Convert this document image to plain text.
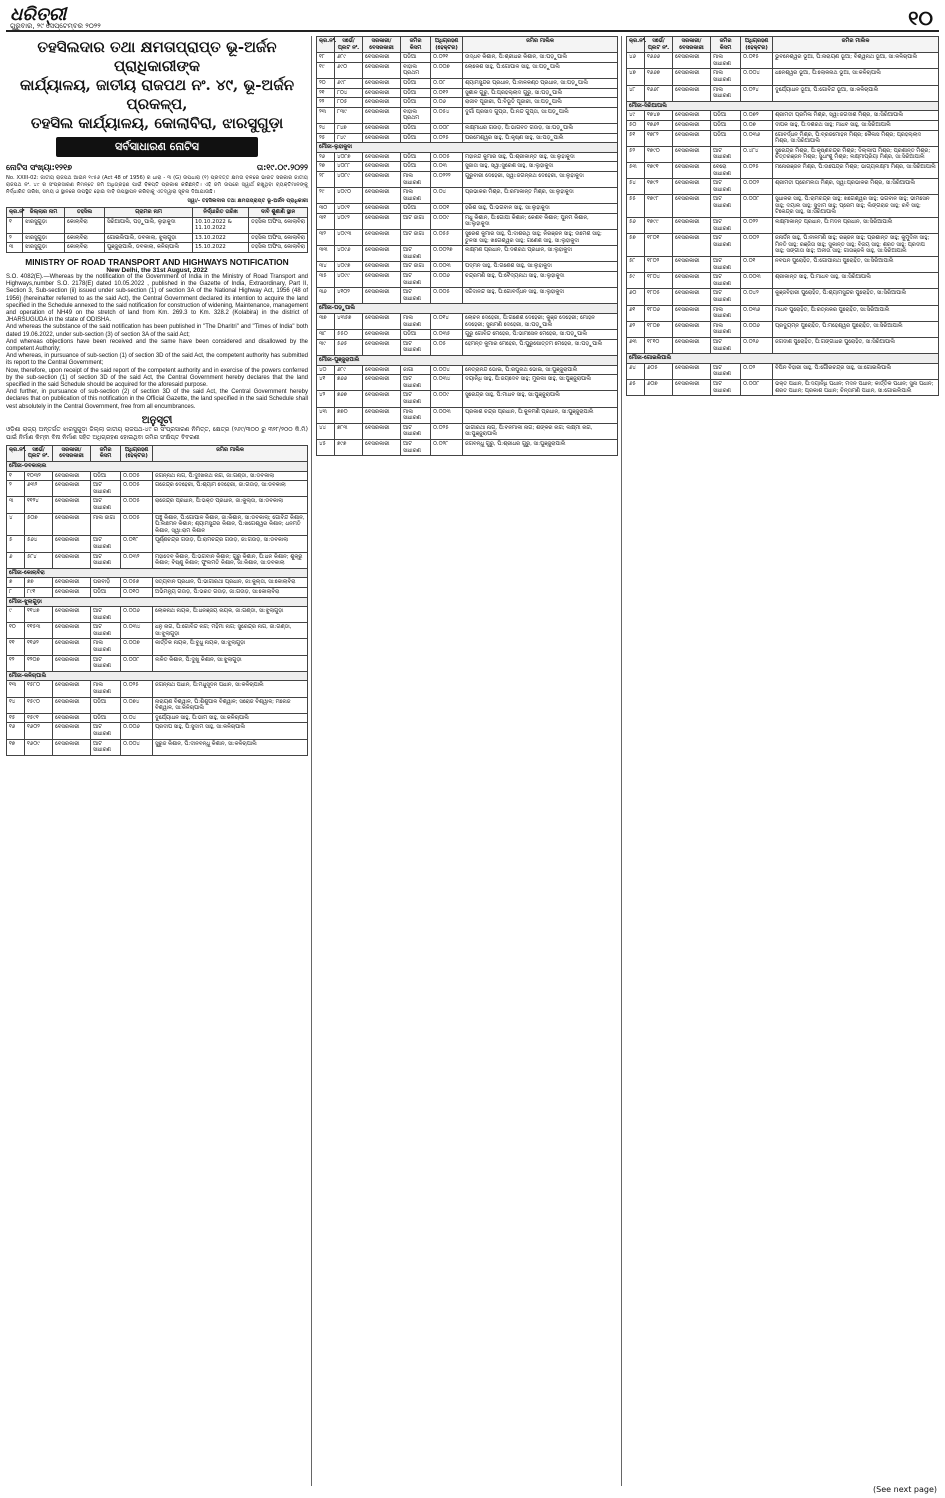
ଧରିତ୍ରୀ
ଗୁରୁବାର, ୨୯ ସେପ୍ଟେମ୍ବର ୨୦୨୨	୧୦
ତହସିଲଦାର ତଥା କ୍ଷମତାପ୍ରାପ୍ତ ଭୂ-ଅର୍ଜନ ପ୍ରାଧିକାରୀଙ୍କ
କାର୍ଯ୍ୟାଳୟ, ଜାତୀୟ ରାଜପଥ ନଂ. ୪୯, ଭୂ-ଅର୍ଜନ ପ୍ରକଳ୍ପ,
ତହସିଲ କାର୍ଯ୍ୟାଳୟ, କୋଲାବିରା, ଝାରସୁଗୁଡ଼ା
ସର୍ବସାଧାରଣ ନୋଟିସ
ନୋଟିସ ସଂଖ୍ୟା:୧୨୧୭	ତା:୧୯.୦୯.୨୦୨୨
No. XXIII-02: ଜାତୀୟ ରାଜପଥ ଆଇନ ୧୯୫୬ (Act 48 of 1956) ର ଧାରା - ୩ (G) ଉପଧାରା (୧) ପ୍ରଦତ୍ତ କ୍ଷମତା ବଳରେ ଭାରତ ସରକାର ଜାତୀୟ ରାଜପଥ ନଂ. ୪୯ ର ସଂପ୍ରସାରଣ ନିମନ୍ତେ ଜମି ଅଧିଗ୍ରହଣ ପାଇଁ ବିଜ୍ଞପ୍ତି ପ୍ରକାଶ କରିଛନ୍ତି। ଏହି ଜମି ଉପରେ ସ୍ୱାର୍ଥ ରଖୁଥିବା ବ୍ୟକ୍ତିମାନଙ୍କୁ ନିର୍ଦ୍ଧାରିତ ତାରିଖ, ସମୟ ଓ ସ୍ଥାନରେ ଉପସ୍ଥିତ ହୋଇ ଦାବି ଉପସ୍ଥାପନ କରିବାକୁ ଏତଦ୍ୱାରା ସୂଚନା ଦିଆଯାଉଛି।
ସ୍ୱା/- ତହସିଲଦାର ତଥା କ୍ଷମତାପ୍ରାପ୍ତ ଭୂ-ଅର୍ଜନ ପ୍ରାଧିକାରୀ
କ୍ର.ନଂ	ଜିଲ୍ଲାର ନାମ	ତହସିଲ	ଗ୍ରାମର ନାମ	ନିର୍ଦ୍ଧାରିତ ତାରିଖ	ଦାବି ଶୁଣାଣି ସ୍ଥାନ
୧	ଝାରସୁଗୁଡ଼ା	କୋଲାବିରା	ସିରିଆପାଲି, ପଡ଼ୁପାଲି, ଲୁହାକୁଦା	10.10.2022 & 11.10.2022	ତହସିଲ ଅଫିସ, କୋଲାବିରା
୨	ଝାରସୁଗୁଡ଼ା	କୋଲାବିରା	ଗୋଇଲିପାଲି, ଡବକାଲା, ଝୁଲାଗୁଡ଼ା	13.10.2022	ତହସିଲ ଅଫିସ, କୋଲାବିରା
୩	ଝାରସୁଗୁଡ଼ା	କୋଲାବିରା	ପୁଞ୍ଜୁରାପାଲି, ଡବକାଲା, କଳିଚାପାଲି	15.10.2022	ତହସିଲ ଅଫିସ, କୋଲାବିରା
MINISTRY OF ROAD TRANSPORT AND HIGHWAYS NOTIFICATION
New Delhi, the 31st August, 2022
S.O. 4082(E).—Whereas by the notification of the Government of India in the Ministry of Road Transport and Highways,number S.O. 2178(E) dated 10.05.2022 , published in the Gazette of India, Extraordinary, Part II, Section 3, Sub-section (ii) issued under sub-section (1) of section 3A of the National Highway Act, 1956 (48 of 1956) (hereinafter referred to as the said Act), the Central Government declared its intention to acquire the land specified in the Schedule annexed to the said notification for construction of widening, Maintenance, management and operation of NH49 on the stretch of land from Km. 269.3 to Km. 328.2 (Kolabira) in the district of JHARSUGUDA in the state of ODISHA.
And whereas the substance of the said notification has been published in "The Dharitri" and "Times of India" both dated 19.06.2022, under sub-section (3) of section 3A of the said Act;
And whereas objections have been received and the same have been considered and disallowed by the competent Authority;
And whereas, in pursuance of sub-section (1) of section 3D of the said Act, the competent authority has submitted its report to the Central Government;
Now, therefore, upon receipt of the said report of the competent authority and in exercise of the powers conferred by the sub-section (1) of section 3D of the said Act, the Central Government hereby declares that the land specified in the said Schedule should be acquired for the aforesaid purpose.
And further, in pursuance of sub-section (2) of section 3D of the said Act, the Central Government hereby declares that on publication of this notification in the Official Gazette, the land specified in the said Schedule shall vest absolutely in the Central Government, free from all encumbrances.
ଅନୁସୂଚୀ
ଓଡ଼ିଶା ରାଜ୍ୟ ଅନ୍ତର୍ଗତ ଝାରସୁଗୁଡ଼ା ଜିଲ୍ଲା ଜାତୀୟ ରାଜପଥ-୪୯ ର ସଂପ୍ରସାରଣ ନିମିତ୍ତ, କ୍ଷେତ୍ର (୨୬୯/୩୦୦ ରୁ ୩୨୮/୨୦୦ କି.ମି) ପାଇଁ ନିର୍ମାଣ କିମ୍ବା ବିନା ନିର୍ମାଣ ସହିତ ଅଧିଗ୍ରହଣ ହୋଇଥିବା ଜମିର ସଂକ୍ଷିପ୍ତ ବିବରଣୀ
କ୍ର.ନଂ.	ସର୍ଭେ/ ପ୍ଲଟ ନଂ.	ସରକାରୀ/ ବେସରକାରୀ	ଜମିର କିସମ	ଅଧିଗ୍ରହଣ (ହେକ୍ଟର)	ଜମିର ମାଲିକ
ମୌଜା-ଡବକାଲାଲ					
୧	୧୦୩୨	ବେସରକାରୀ	ପଡିଆ	୦.୦୦୫	ଜଗନ୍ନାଥ ନାଗ, ପି:ଦୁଃଖନାଥ ନାଗ, ଜା:ଗଣ୍ଡା, ସା:ଡବକାଲା
୨	୬୩୨	ବେସରକାରୀ	ଆଟ ସାଧାରଣ	୦.୦୦୫	ଗଜେନ୍ଦ୍ର ଦେହେରୀ, ପି:ଶ୍ୟାମ ଦେହେରୀ, ଜା:ଗଉଡ଼, ସା:ଡବକାଲା
୩	୧୧୨୪	ବେସରକାରୀ	ଆଟ ସାଧାରଣ	୦.୦୦୫	ରାଜେନ୍ଦ୍ର ପ୍ରଧାନ, ପି:ଭକ୍ତ ପ୍ରଧାନ, ଜା:କୁଲ୍ତା, ସା:ଡବକାଲା
୪	୫୦୭	ବେସରକାରୀ	ମାଲ ଜାଗା	୦.୦୦୫	ପଞ୍ଚୁ କିଶାନ, ପି:ଗୋପାଳ କିଶାନ, ଜା:କିଶାନ, ସା:ଡବକାଲା; ଗୋବିନ୍ଦ କିଶାନ, ପି:ଲଛମନ କିଶାନ; ଶ୍ୟାମସୁନ୍ଦର କିଶାନ, ପି:ଖଗେଶ୍ୱର କିଶାନ; ଧନମତି କିଶାନ, ସ୍ୱା:ରାମ କିଶାନ
୫	୫୬୪	ବେସରକାରୀ	ଆଟ ସାଧାରଣ	୦.୦୧୮	ପୂର୍ଣ୍ଣଚନ୍ଦ୍ର ଗଉଡ଼, ପି:ରାମଚନ୍ଦ୍ର ଗଉଡ଼, ଜା:ଗଉଡ଼, ସା:ଡବକାଲା
୬	୫୮୪	ବେସରକାରୀ	ଆଟ ସାଧାରଣ	୦.୦୩୨	ମହାଦେବ କିଶାନ, ପି:ଭଗବାନ କିଶାନ; ଗୁରୁ କିଶାନ, ପି:ଧନ କିଶାନ; ଶୁକ୍ରୁ କିଶାନ; ବିଷ୍ଣୁ କିଶାନ; ଫୁଲମତି କିଶାନ, ଜା:କିଶାନ, ସା:ଡବକାଲା
ମୌଜା-କୋଲାବିରା					
୭	୭୭	ବେସରକାରୀ	ଘରବାଡ଼ି	୦.୦୫୭	ସତ୍ୟବାନ ପ୍ରଧାନ, ପି:ଭାଗୀରଥୀ ପ୍ରଧାନ, ଜା:କୁଲ୍ତା, ସା:କୋଲାବିରା
୮	୮୯୧	ବେସରକାରୀ	ପଡିଆ	୦.୦୧୦	ଅଭିମନ୍ୟୁ ଗଉଡ଼, ପି:ଭରତ ଗଉଡ଼, ଜା:ଗଉଡ଼, ସା:କୋଲାବିରା
ମୌଜା-ଝୁଲାଗୁଡ଼ା					
୯	୧୧୪୭	ବେସରକାରୀ	ଆଟ ସାଧାରଣ	୦.୦୦୬	ଲୋକନାଥ ନାୟକ, ପି:ଧନଞ୍ଜୟ ନାୟକ, ଜା:ଗଣ୍ଡା, ସା:ଝୁଲାଗୁଡ଼ା
୧୦	୧୧୫୩	ବେସରକାରୀ	ଆଟ ସାଧାରଣ	୦.୦୩୪	ଧନୁ ନାଗ, ପି:ଗୋବିନ୍ଦ ନାଗ; ମହିମା ନାଗ; ସୁରେନ୍ଦ୍ର ନାଗ, ଜା:ଗଣ୍ଡା, ସା:ଝୁଲାଗୁଡ଼ା
୧୧	୧୧୬୨	ବେସରକାରୀ	ମାଲ ସାଧାରଣ	୦.୦୦୭	କାର୍ତ୍ତିକ ନାୟକ, ପି:ବୁଧୁ ନାୟକ, ସା:ଝୁଲାଗୁଡ଼ା
୧୨	୧୨୦୭	ବେସରକାରୀ	ଆଟ ସାଧାରଣ	୦.୦୦୮	ଲଳିତ କିଶାନ, ପି:ଦୁଖୁ କିଶାନ, ସା:ଝୁଲାଗୁଡ଼ା
ମୌଜା-କଳିଚାପାଲି					
୧୩	୧୫୮୦	ବେସରକାରୀ	ମାଲ ସାଧାରଣ	୦.୦୨୫	ଜଗନ୍ନାଥ ପଧାନ, ପି:ମଧୁସୂଦନ ପଧାନ, ସା:କଳିଚାପାଲି
୧୪	୧୫୯୦	ବେସରକାରୀ	ପଡିଆ	୦.୦୭୪	ନାରାୟଣ ବିଶ୍ୱାଳ, ପି:ଶିଶୁପାଳ ବିଶ୍ୱାଳ; ସରୋଜ ବିଶ୍ୱାଳ; ମନୋଜ ବିଶ୍ୱାଳ, ସା:କଳିଚାପାଲି
୧୫	୧୫୯୧	ବେସରକାରୀ	ପଡିଆ	୦.୦୪	ଦୁର୍ଯ୍ୟୋଧନ ସାହୁ, ପି:ଭୀମ ସାହୁ, ସା:କଳିଚାପାଲି
୧୬	୧୬୦୨	ବେସରକାରୀ	ଆଟ ସାଧାରଣ	୦.୦୦୬	ପ୍ରଦୀପ ସାହୁ, ପି:ସୁଦାମ ସାହୁ, ସା:କଳିଚାପାଲି
୧୭	୧୬୦୯	ବେସରକାରୀ	ଆଟ ସାଧାରଣ	୦.୦୦୪	ସୁରୁଜ କିଶାନ, ପି:ଦୀନବନ୍ଧୁ କିଶାନ, ସା:କଳିଚାପାଲି
କ୍ର.ନଂ.	ସର୍ଭେ/ ପ୍ଲଟ ନଂ.	ସରକାରୀ/ ବେସରକାରୀ	ଜମିର କିସମ	ଅଧିଗ୍ରହଣ (ହେକ୍ଟର)	ଜମିର ମାଲିକ
୧୮	୬୮୯	ବେସରକାରୀ	ପଡିଆ	୦.୦୨୧	ଉଦ୍ଧବ କିଶାନ, ପି:ଶ୍ରୀଧର କିଶାନ, ସା:ପଡ଼ୁପାଲି
୧୯	୬୯୦	ବେସରକାରୀ	ବାହାଲ ପ୍ରଥମ	୦.୦୦୭	ଲୋକେଶ ସାହୁ, ପି:ଗୋପାଳ ସାହୁ, ସା:ପଡ଼ୁପାଲି
୨୦	୬୯୮	ବେସରକାରୀ	ପଡିଆ	୦.୦୮	ଶ୍ୟାମସୁନ୍ଦର ପ୍ରଧାନ, ପି:ନୀଳକଣ୍ଠ ପ୍ରଧାନ, ସା:ପଡ଼ୁପାଲି
୨୧	୮୦୪	ବେସରକାରୀ	ପଡିଆ	୦.୦୧୨	ସୁଶୀଳ ଗୁରୁ, ପି:ପ୍ରହଲ୍ଲାଦ ଗୁରୁ, ସା:ପଡ଼ୁପାଲି
୨୨	୮୦୫	ବେସରକାରୀ	ପଡିଆ	୦.୦୬	ରାଜୀବ ପୂଜାରୀ, ପି:ବିଭୂତି ପୂଜାରୀ, ସା:ପଡ଼ୁପାଲି
୨୩	୮୩୯	ବେସରକାରୀ	ବାହାଲ ପ୍ରଥମ	୦.୦୫୪	ଦୁର୍ଗା ପ୍ରସାଦ ଗୁପ୍ତା, ପି:ନନ୍ଦ ଗୁପ୍ତା, ସା:ପଡ଼ୁପାଲି
୨୪	୮୪୭	ବେସରକାରୀ	ପଡିଆ	୦.୦୦୮	ଲକ୍ଷ୍ମୀଧର ଗଉଡ଼, ପି:ଭାଗବତ ଗଉଡ଼, ସା:ପଡ଼ୁପାଲି
୨୫	୮୪୯	ବେସରକାରୀ	ପଡିଆ	୦.୦୨୫	ପରମେଶ୍ୱର ସାହୁ, ପି:କୃଷ୍ଣ ସାହୁ, ସା:ପଡ଼ୁପାଲି
ମୌଜା-ଲୁହାକୁଦା					
୨୬	୪୦୮୭	ବେସରକାରୀ	ପଡିଆ	୦.୦୦୫	ମହାନନ୍ଦ କୁମାର ସାହୁ, ପି:ଶ୍ରୀକାନ୍ତ ସାହୁ, ସା:ଲୁହାକୁଦା
୨୭	୪୦୮୮	ବେସରକାରୀ	ପଡିଆ	୦.୦୩	ସୁଜାତା ସାହୁ, ସ୍ୱା:ସୁରେଶ ସାହୁ, ସା:ଲୁହାକୁଦା
୨୮	୪୦୮୯	ବେସରକାରୀ	ମାଲ ସାଧାରଣ	୦.୦୨୨୨	ଗୁରୁବାରୀ ଦେହେରୀ, ସ୍ୱା:ଜଗନ୍ନାଥ ଦେହେରୀ, ସା:ଲୁହାକୁଦା
୨୯	୪୦୯୦	ବେସରକାରୀ	ମାଲ ସାଧାରଣ	୦.୦୪	ପ୍ରଭାକର ମିଶ୍ର, ପି:ରମାକାନ୍ତ ମିଶ୍ର, ସା:ଲୁହାକୁଦା
୩୦	୪୦୯୧	ବେସରକାରୀ	ପଡିଆ	୦.୦୦୧	ହରିଶ ସାହୁ, ପି:ଭଗବାନ ସାହୁ, ସା:ଲୁହାକୁଦା
୩୧	୪୦୯୨	ବେସରକାରୀ	ଆଟ ଜାଗା	୦.୦୦୯	ମଧୁ କିଶାନ, ପି:ଗୋପୀ କିଶାନ; କେଶବ କିଶାନ; ପୁନମ କିଶାନ, ସା:ଲୁହାକୁଦା
୩୨	୪୦୯୩	ବେସରକାରୀ	ଆଟ ଜାଗା	୦.୦୫୫	ସୁରେଶ କୁମାର ସାହୁ, ପି:ଦାଶରଥି ସାହୁ; ନିରଞ୍ଜନ ସାହୁ; ଉମେଶ ସାହୁ; ତୁଳସୀ ସାହୁ; ଖଗେଶ୍ୱର ସାହୁ; ଗଣେଶ ସାହୁ, ସା:ଲୁହାକୁଦା
୩୩	୪୦୯୬	ବେସରକାରୀ	ଆଟ ସାଧାରଣ	୦.୦୦୨୭	ଲକ୍ଷ୍ମଣ ପ୍ରଧାନ, ପି:ଦଶରଥ ପ୍ରଧାନ, ସା:ଲୁହାକୁଦା
୩୪	୪୦୯୭	ବେସରକାରୀ	ଆଟ ଜାଗା	୦.୦୦୩	ପଦ୍ମନ ସାହୁ, ପି:ଗଣେଶ ସାହୁ, ସା:ଲୁହାକୁଦା
୩୫	୪୦୯୯	ବେସରକାରୀ	ଆଟ ସାଧାରଣ	୦.୦୦୬	ଚନ୍ଦ୍ରମଣି ସାହୁ, ପି:ବୈଦ୍ୟନାଥ ସାହୁ, ସା:ଲୁହାକୁଦା
୩୬	୪୧୦୨	ବେସରକାରୀ	ଆଟ ସାଧାରଣ	୦.୦୦୫	ସଚ୍ଚିଦାନନ୍ଦ ସାହୁ, ପି:ଗୋବର୍ଦ୍ଧନ ସାହୁ, ସା:ଲୁହାକୁଦା
ମୌଜା-ପଡ଼ୁପାଲି					
୩୭	୪୩୫୭	ବେସରକାରୀ	ମାଲ ସାଧାରଣ	୦.୦୧୪	ଲୋଚନ ଦେହେରୀ, ପି:ଗଣେଶ ଦେହେରୀ; କୁଞ୍ଜ ଦେହେରୀ; ମୋହନ ଦେହେରୀ; ସୁନାମଣି ଦେହେରୀ, ସା:ପଡ଼ୁପାଲି
୩୮	୫୫୦	ବେସରକାରୀ	ପଡିଆ	୦.୦୩୫	ଗୁରୁ ଗୋବିନ୍ଦ ମେହେର, ପି:ଭୀମସେନ ମେହେର, ସା:ପଡ଼ୁପାଲି
୩୯	୫୬୫	ବେସରକାରୀ	ଆଟ ସାଧାରଣ	୦.୦୫	ହେମନ୍ତ କୁମାର ମେହେର, ପି:ପୁରୁଷୋତ୍ତମ ମେହେର, ସା:ପଡ଼ୁପାଲି
ମୌଜା-ପୁଞ୍ଜୁରାପାଲି					
୪୦	୬୮୯	ବେସରକାରୀ	ଜାଗା	୦.୦୦୪	ନେତ୍ରାନନ୍ଦ ଭୋଇ, ପି:ରଘୁନାଥ ଭୋଇ, ସା:ପୁଞ୍ଜୁରାପାଲି
୪୧	୭୬୬	ବେସରକାରୀ	ଆଟ ସାଧାରଣ	୦.୦୩୪	ଦୟାନିଧି ସାହୁ, ପି:ଜୟଦେବ ସାହୁ; ମୁରଲୀ ସାହୁ, ସା:ପୁଞ୍ଜୁରାପାଲି
୪୨	୭୬୭	ବେସରକାରୀ	ଆଟ ସାଧାରଣ	୦.୦୦୯	ସୁରେନ୍ଦ୍ର ସାହୁ, ପି:ମାଧବ ସାହୁ, ସା:ପୁଞ୍ଜୁରାପାଲି
୪୩	୭୭୦	ବେସରକାରୀ	ମାଲ ସାଧାରଣ	୦.୦୦୩	ପ୍ରକାଶ ଚନ୍ଦ୍ର ପ୍ରଧାନ, ପି:କୁଳମଣି ପ୍ରଧାନ, ସା:ପୁଞ୍ଜୁରାପାଲି
୪୪	୭୮୩	ବେସରକାରୀ	ଆଟ ସାଧାରଣ	୦.୦୨୫	ଭାଗୀରଥୀ ନାଗ, ପି:ବନମାଳୀ ନାଗ; ଶଙ୍କର ନାଗ; ଲକ୍ଷ୍ମୀ ନାଗ, ସା:ପୁଞ୍ଜୁରାପାଲି
୪୫	୭୯୭	ବେସରକାରୀ	ଆଟ ସାଧାରଣ	୦.୦୨୮	ଜଗବନ୍ଧୁ ଗୁରୁ, ପି:ଶ୍ରୀଧର ଗୁରୁ, ସା:ପୁଞ୍ଜୁରାପାଲି
କ୍ର.ନଂ.	ସର୍ଭେ/ ପ୍ଲଟ ନଂ.	ସରକାରୀ/ ବେସରକାରୀ	ଜମିର କିସମ	ଅଧିଗ୍ରହଣ (ହେକ୍ଟର)	ଜମିର ମାଲିକ
୪୬	୧୬୬୬	ବେସରକାରୀ	ମାଲ ସାଧାରଣ	୦.୦୧୫	ଭୁବନେଶ୍ୱର ଭୂଆ, ପି:ନାରାୟଣ ଭୂଆ; ବିଶ୍ୱନାଥ ଭୂଆ, ସା:କଳିଚାପାଲି
୪୭	୧୬୬୭	ବେସରକାରୀ	ମାଲ ସାଧାରଣ	୦.୦୦୪	ଧନେଶ୍ୱର ଭୂଆ, ପି:ଲୋକନାଥ ଭୂଆ, ସା:କଳିଚାପାଲି
୪୮	୧୬୬୮	ବେସରକାରୀ	ମାଲ ସାଧାରଣ	୦.୦୨୪	ଦୁର୍ଯ୍ୟୋଧନ ଭୂଆ, ପି:ଗୋବିନ୍ଦ ଭୂଆ, ସା:କଳିଚାପାଲି
ମୌଜା-ସିରିଆପାଲି					
୪୯	୧୭୪୭	ବେସରକାରୀ	ପଡିଆ	୦.୦୭୨	ଶ୍ରୀମତୀ ପ୍ରମିଳା ମିଶ୍ର, ସ୍ୱା:ଜଗଦୀଶ ମିଶ୍ର, ସା:ସିରିଆପାଲି
୫୦	୧୭୬୨	ବେସରକାରୀ	ପଡିଆ	୦.୦୭	ଦୀପକ ସାହୁ, ପି:ଦଶରଥ ସାହୁ; ମାଧବ ସାହୁ, ସା:ସିରିଆପାଲି
୫୧	୧୭୮୨	ବେସରକାରୀ	ପଡିଆ	୦.୦୩୬	ଗୋବର୍ଦ୍ଧନ ମିଶ୍ର, ପି:ବ୍ରଜମୋହନ ମିଶ୍ର; କୈଳାସ ମିଶ୍ର; ପ୍ରହଲ୍ଲାଦ ମିଶ୍ର, ସା:ସିରିଆପାଲି
୫୨	୧୭୯୦	ବେସରକାରୀ	ଆଟ ସାଧାରଣ	୦.୪୮୪	ସୁରେନ୍ଦ୍ର ମିଶ୍ର, ପି:କୃଷ୍ଣଚନ୍ଦ୍ର ମିଶ୍ର; ଦିଲ୍ଲୀପ ମିଶ୍ର; ପ୍ରଶାନ୍ତ ମିଶ୍ର; ଚିତ୍ତରଞ୍ଜନ ମିଶ୍ର; ସୁଧାଂଶୁ ମିଶ୍ର; ଲକ୍ଷ୍ମୀପ୍ରିୟା ମିଶ୍ର, ସା:ସିରିଆପାଲି
୫୩	୧୭୯୧	ବେସରକାରୀ	ବେରୋ ସାଧାରଣ	୦.୦୨୫	ମନୋରଞ୍ଜନ ମିଶ୍ର, ପି:ଉପେନ୍ଦ୍ର ମିଶ୍ର; ଭାଗ୍ୟଲକ୍ଷ୍ମୀ ମିଶ୍ର, ସା:ସିରିଆପାଲି
୫୪	୧୭୯୨	ବେସରକାରୀ	ଆଟ ସାଧାରଣ	୦.୦୦୨	ଶ୍ରୀମତୀ ପ୍ରେମଲତା ମିଶ୍ର, ସ୍ୱା:ପ୍ରଭାକର ମିଶ୍ର, ସା:ସିରିଆପାଲି
୫୫	୧୭୯୮	ବେସରକାରୀ	ଆଟ ସାଧାରଣ	୦.୦୦୮	ସୁଧାକର ସାହୁ, ପି:ରାମଚନ୍ଦ୍ର ସାହୁ; ଖଗେଶ୍ୱର ସାହୁ; ଭଗବାନ ସାହୁ; ଭୀମସେନ ସାହୁ; ଦୟାଲ ସାହୁ; ସୁଦାମ ସାହୁ; ପ୍ରେମ ସାହୁ; ଲିଙ୍ଗରାଜ ସାହୁ; ରବି ସାହୁ; ଟିକେନ୍ଦ୍ର ସାହୁ, ସା:ସିରିଆପାଲି
୫୬	୧୭୯୯	ବେସରକାରୀ	ଆଟ ସାଧାରଣ	୦.୦୨୨	ଲକ୍ଷ୍ମୀକାନ୍ତ ପ୍ରଧାନ, ପି:ମଦନ ପ୍ରଧାନ, ସା:ସିରିଆପାଲି
୫୭	୧୮୦୧	ବେସରକାରୀ	ଆଟ ସାଧାରଣ	୦.୦୦୨	ଜନାର୍ଦ୍ଦନ ସାହୁ, ପି:ନୀଳମଣି ସାହୁ; ରଞ୍ଜନ ସାହୁ; ପ୍ରଶାନ୍ତ ସାହୁ; କୁମୁଦିନୀ ସାହୁ; ମିନତି ସାହୁ; ରଞ୍ଜିତା ସାହୁ; ସୁକାନ୍ତ ସାହୁ; ବିଜୟ ସାହୁ; ଶରତ ସାହୁ; ପ୍ରଦୀପ ସାହୁ; ସଙ୍ଗୀତା ସାହୁ; ଅନୀତା ସାହୁ; ଗୀତାଞ୍ଜଳି ସାହୁ, ସା:ସିରିଆପାଲି
୫୮	୧୮୦୨	ବେସରକାରୀ	ଆଟ ସାଧାରଣ	୦.୦୧	ନବଘନ ପୁରୋହିତ, ପି:ଗୋପୀନାଥ ପୁରୋହିତ, ସା:ସିରିଆପାଲି
୫୯	୧୮୦୪	ବେସରକାରୀ	ଆଟ ସାଧାରଣ	୦.୦୦୩	ଶ୍ରୀକାନ୍ତ ସାହୁ, ପି:ମାଧବ ସାହୁ, ସା:ସିରିଆପାଲି
୬୦	୧୮୦୫	ବେସରକାରୀ	ଆଟ ସାଧାରଣ	୦.୦୪୨	କୁଞ୍ଜବିହାରୀ ପୁରୋହିତ, ପି:ଶ୍ୟାମସୁନ୍ଦର ପୁରୋହିତ, ସା:ସିରିଆପାଲି
୬୧	୧୮୦୬	ବେସରକାରୀ	ମାଲ ସାଧାରଣ	୦.୦୩୬	ମାଧବ ପୁରୋହିତ, ପି:ରତ୍ନାକର ପୁରୋହିତ, ସା:ସିରିଆପାଲି
୬୨	୧୮୦୭	ବେସରକାରୀ	ମାଲ ସାଧାରଣ	୦.୦୦୬	ପ୍ରଦ୍ୟୁମ୍ନ ପୁରୋହିତ, ପି:ମହେଶ୍ୱର ପୁରୋହିତ, ସା:ସିରିଆପାଲି
୬୩	୧୮୧୦	ବେସରକାରୀ	ଆଟ ସାଧାରଣ	୦.୦୨୬	ଜଗଦୀଶ ପୁରୋହିତ, ପି:ଗଙ୍ଗାଧର ପୁରୋହିତ, ସା:ସିରିଆପାଲି
ମୌଜା-ଗୋଇଲିପାଲି					
୬୪	୬୦୫	ବେସରକାରୀ	ଆଟ ସାଧାରଣ	୦.୦୨	ବିପିନ ବିହାରୀ ସାହୁ, ପି:ଗୌରଚନ୍ଦ୍ର ସାହୁ, ସା:ଗୋଇଲିପାଲି
୬୫	୬୦୭	ବେସରକାରୀ	ଆଟ ସାଧାରଣ	୦.୦୦୮	ଭକ୍ତ ପଧାନ, ପି:ଦୟାନିଧି ପଧାନ; ମଦନ ପଧାନ; କାର୍ତ୍ତିକ ପଧାନ; ସୁନା ପଧାନ; ଶରତ ପଧାନ; ପ୍ରକାଶ ପଧାନ; ଚିନ୍ତାମଣି ପଧାନ, ସା:ଗୋଇଲିପାଲି
(See next page)
